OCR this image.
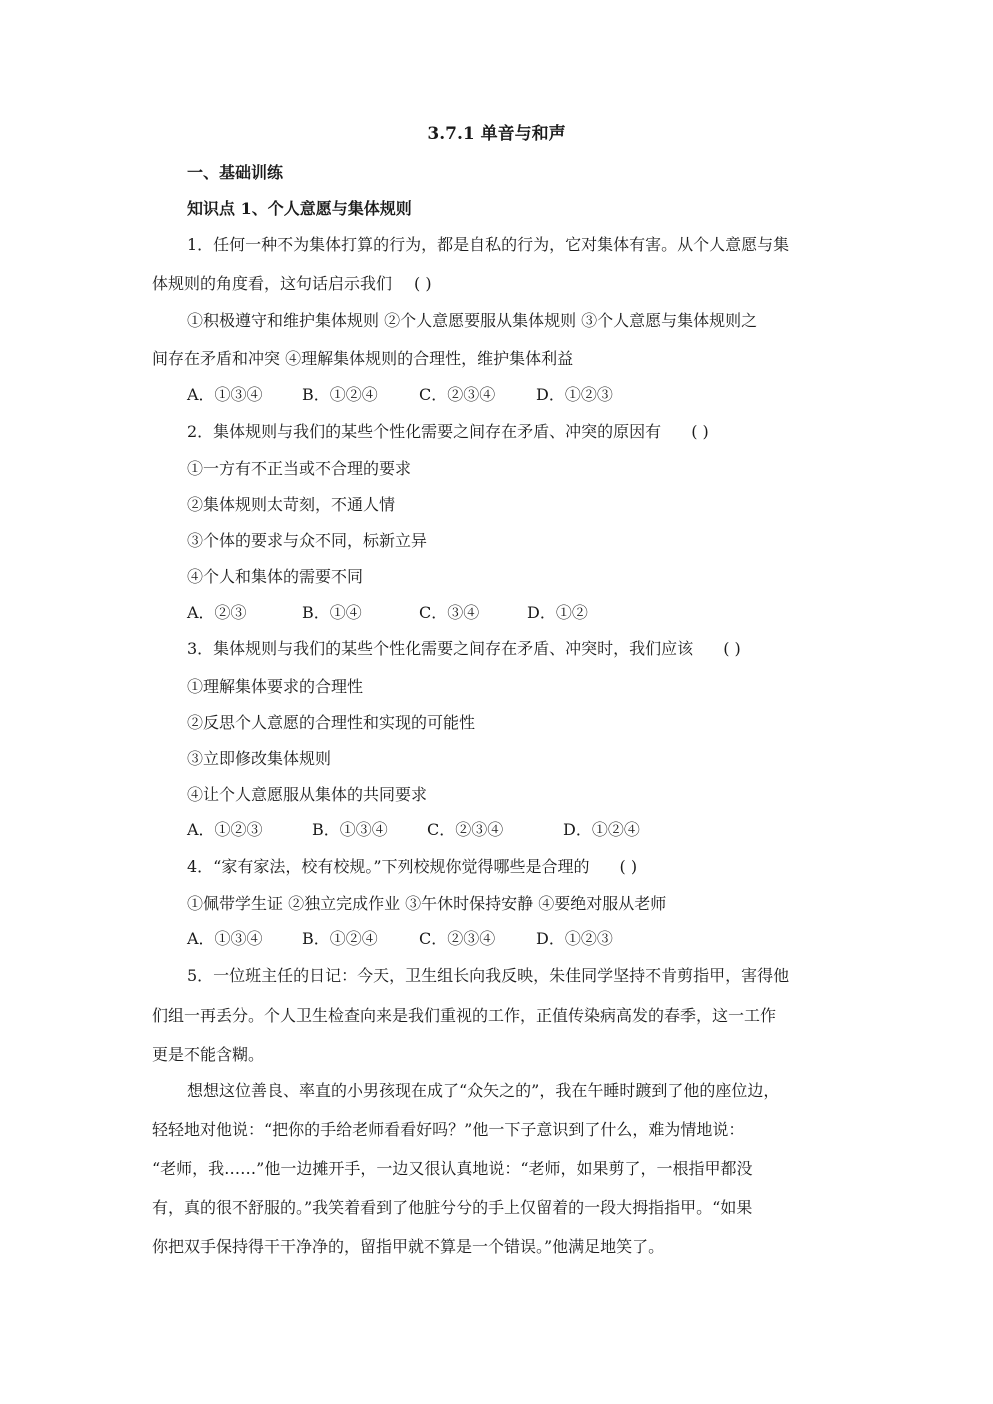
3.7.1 单音与和声
一、基础训练
知识点 1、个人意愿与集体规则
1．任何一种不为集体打算的行为，都是自私的行为，它对集体有害。从个人意愿与集
体规则的角度看，这句话启示我们 ( )
①积极遵守和维护集体规则 ②个人意愿要服从集体规则 ③个人意愿与集体规则之
间存在矛盾和冲突 ④理解集体规则的合理性，维护集体利益
A．①③④ B．①②④	C．②③④	D．①②③
2．集体规则与我们的某些个性化需要之间存在矛盾、冲突的原因有 ( )
①一方有不正当或不合理的要求
②集体规则太苛刻，不通人情
③个体的要求与众不同，标新立异
④个人和集体的需要不同
A．②③	B．①④	C．③④	D．①②
3．集体规则与我们的某些个性化需要之间存在矛盾、冲突时，我们应该 ( )
①理解集体要求的合理性
②反思个人意愿的合理性和实现的可能性
③立即修改集体规则
④让个人意愿服从集体的共同要求
A．①②③	B．①③④ C．②③④	D．①②④
4．“家有家法，校有校规。”下列校规你觉得哪些是合理的 ( )
①佩带学生证 ②独立完成作业 ③午休时保持安静 ④要绝对服从老师
A．①③④ B．①②④	C．②③④	D．①②③
5．一位班主任的日记：今天，卫生组长向我反映，朱佳同学坚持不肯剪指甲，害得他
们组一再丢分。个人卫生检查向来是我们重视的工作，正值传染病高发的春季，这一工作
更是不能含糊。
想想这位善良、率直的小男孩现在成了“众矢之的”，我在午睡时踱到了他的座位边，
轻轻地对他说：“把你的手给老师看看好吗？”他一下子意识到了什么，难为情地说：
“老师，我……”他一边摊开手，一边又很认真地说：“老师，如果剪了，一根指甲都没
有，真的很不舒服的。”我笑着看到了他脏兮兮的手上仅留着的一段大拇指指甲。“如果
你把双手保持得干干净净的，留指甲就不算是一个错误。”他满足地笑了。
